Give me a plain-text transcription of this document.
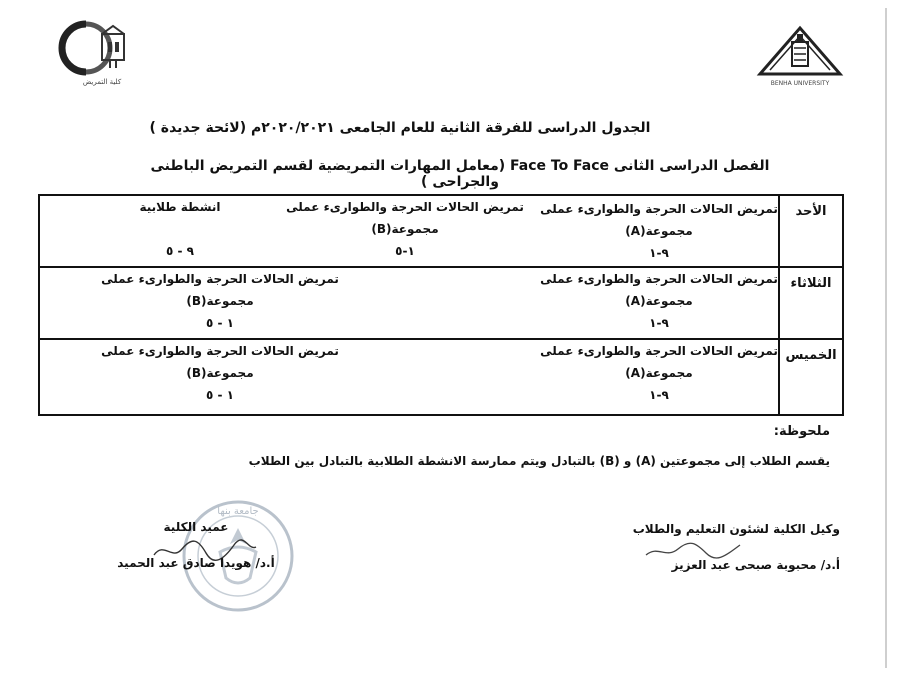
كلية التمريض	BENHA UNIVERSITY
الجدول الدراسى للفرقة الثانية للعام الجامعى ٢٠٢٠/٢٠٢١م (لائحة جديدة )
الفصل الدراسى الثانى Face To Face (معامل المهارات التمريضية لقسم التمريض الباطنى والجراحى )
الأحد
تمريض الحالات الحرجة والطوارىء عملى
مجموعة(A)
٩-١
تمريض الحالات الحرجة والطوارىء عملى
مجموعة(B)
١-٥
انشطة طلابية

٩ - ٥
الثلاثاء
تمريض الحالات الحرجة والطوارىء عملى
مجموعة(A)
٩-١
تمريض الحالات الحرجة والطوارىء عملى
مجموعة(B)
١ - ٥
الخميس
تمريض الحالات الحرجة والطوارىء عملى
مجموعة(A)
٩-١
تمريض الحالات الحرجة والطوارىء عملى
مجموعة(B)
١ - ٥
ملحوظة:
يقسم الطلاب إلى مجموعتين (A) و (B) بالتبادل ويتم ممارسة الانشطة الطلابية بالتبادل بين الطلاب
جامعة بنها
عميد الكلية
أ.د/ هويدا صادق عبد الحميد
وكيل الكلية لشئون التعليم والطلاب
أ.د/ محبوبة صبحى عبد العزيز
